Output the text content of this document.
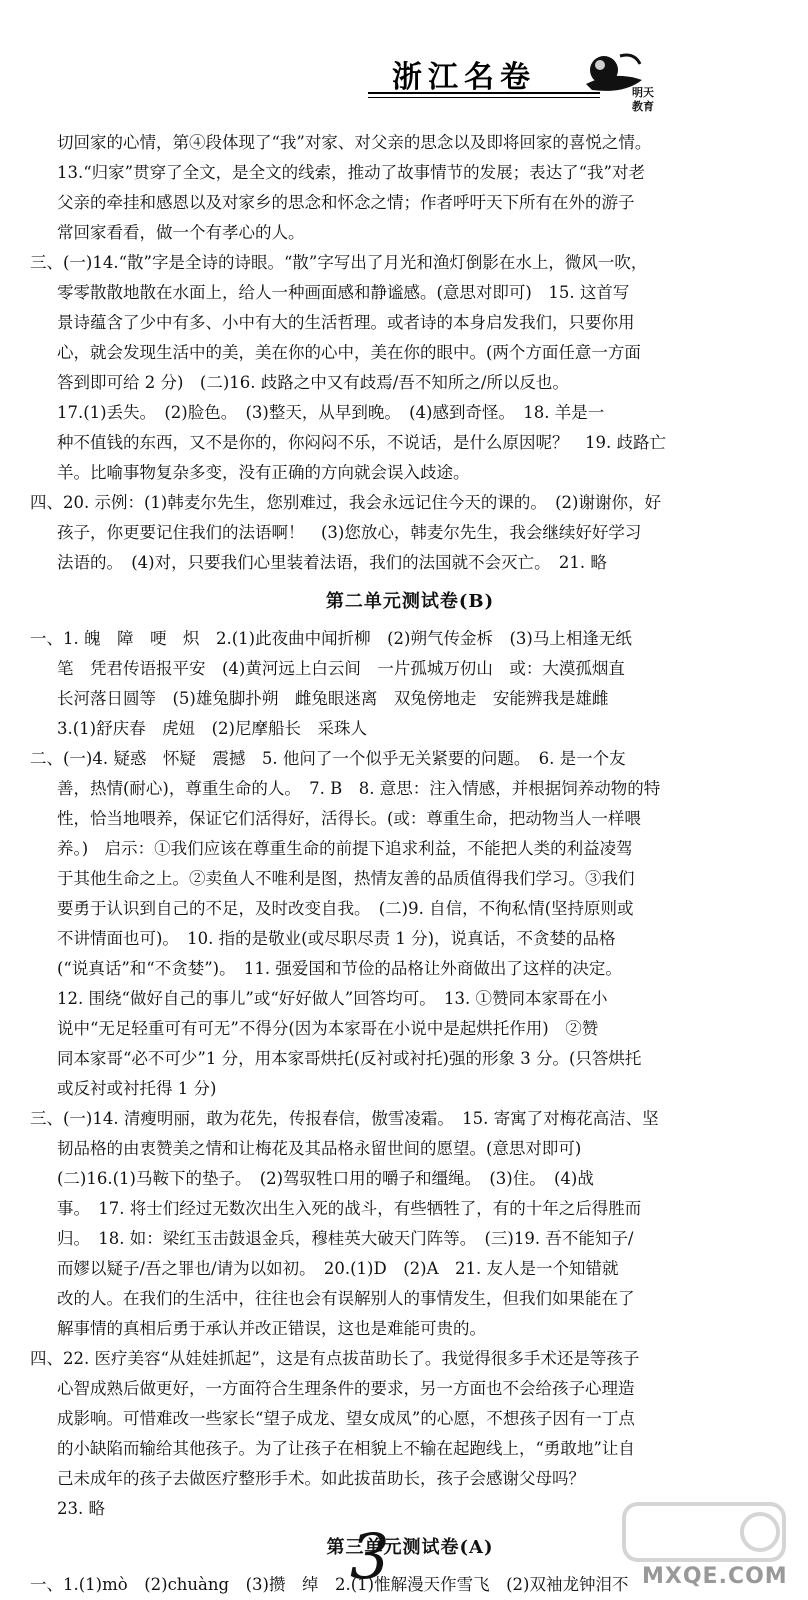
浙江名卷	明天
教育

切回家的心情，第④段体现了“我”对家、对父亲的思念以及即将回家的喜悦之情。

13.“归家”贯穿了全文，是全文的线索，推动了故事情节的发展；表达了“我”对老

父亲的牵挂和感恩以及对家乡的思念和怀念之情；作者呼吁天下所有在外的游子

常回家看看，做一个有孝心的人。

三、(一)14.“散”字是全诗的诗眼。“散”字写出了月光和渔灯倒影在水上，微风一吹，

零零散散地散在水面上，给人一种画面感和静谧感。(意思对即可)　15. 这首写

景诗蕴含了少中有多、小中有大的生活哲理。或者诗的本身启发我们，只要你用

心，就会发现生活中的美，美在你的心中，美在你的眼中。(两个方面任意一方面

答到即可给 2 分)　(二)16. 歧路之中又有歧焉/吾不知所之/所以反也。

17.(1)丢失。　(2)脸色。　(3)整天，从早到晚。　(4)感到奇怪。　18. 羊是一

种不值钱的东西，又不是你的，你闷闷不乐，不说话，是什么原因呢？　19. 歧路亡

羊。比喻事物复杂多变，没有正确的方向就会误入歧途。

四、20. 示例：(1)韩麦尔先生，您别难过，我会永远记住今天的课的。　(2)谢谢你，好

孩子，你更要记住我们的法语啊！　(3)您放心，韩麦尔先生，我会继续好好学习

法语的。　(4)对，只要我们心里装着法语，我们的法国就不会灭亡。　21. 略

第二单元测试卷(B)

一、1. 魄　障　哽　炽　2.(1)此夜曲中闻折柳　(2)朔气传金柝　(3)马上相逢无纸

笔　凭君传语报平安　(4)黄河远上白云间　一片孤城万仞山　或：大漠孤烟直

长河落日圆等　(5)雄兔脚扑朔　雌兔眼迷离　双兔傍地走　安能辨我是雄雌

3.(1)舒庆春　虎妞　(2)尼摩船长　采珠人

二、(一)4. 疑惑　怀疑　震撼　5. 他问了一个似乎无关紧要的问题。　6. 是一个友

善，热情(耐心)，尊重生命的人。　7. B　8. 意思：注入情感，并根据饲养动物的特

性，恰当地喂养，保证它们活得好，活得长。(或：尊重生命，把动物当人一样喂

养。)　启示：①我们应该在尊重生命的前提下追求利益，不能把人类的利益凌驾

于其他生命之上。②卖鱼人不唯利是图，热情友善的品质值得我们学习。③我们

要勇于认识到自己的不足，及时改变自我。　(二)9. 自信，不徇私情(坚持原则或

不讲情面也可)。　10. 指的是敬业(或尽职尽责 1 分)，说真话，不贪婪的品格

(“说真话”和“不贪婪”)。　11. 强爱国和节俭的品格让外商做出了这样的决定。

12. 围绕“做好自己的事儿”或“好好做人”回答均可。　13. ①赞同本家哥在小

说中“无足轻重可有可无”不得分(因为本家哥在小说中是起烘托作用)　②赞

同本家哥“必不可少”1 分，用本家哥烘托(反衬或衬托)强的形象 3 分。(只答烘托

或反衬或衬托得 1 分)

三、(一)14. 清瘦明丽，敢为花先，传报春信，傲雪凌霜。　15. 寄寓了对梅花高洁、坚

韧品格的由衷赞美之情和让梅花及其品格永留世间的愿望。(意思对即可)

(二)16.(1)马鞍下的垫子。　(2)驾驭牲口用的嚼子和缰绳。　(3)住。　(4)战

事。　17. 将士们经过无数次出生入死的战斗，有些牺牲了，有的十年之后得胜而

归。　18. 如：梁红玉击鼓退金兵，穆桂英大破天门阵等。　(三)19. 吾不能知子/

而嫪以疑子/吾之罪也/请为以如初。　20.(1)D　(2)A　21. 友人是一个知错就

改的人。在我们的生活中，往往也会有误解别人的事情发生，但我们如果能在了

解事情的真相后勇于承认并改正错误，这也是难能可贵的。

四、22. 医疗美容“从娃娃抓起”，这是有点拔苗助长了。我觉得很多手术还是等孩子

心智成熟后做更好，一方面符合生理条件的要求，另一方面也不会给孩子心理造

成影响。可惜难改一些家长“望子成龙、望女成凤”的心愿，不想孩子因有一丁点

的小缺陷而输给其他孩子。为了让孩子在相貌上不输在起跑线上，“勇敢地”让自

己未成年的孩子去做医疗整形手术。如此拔苗助长，孩子会感谢父母吗？

23. 略

第三单元测试卷(A)

一、1.(1)mò　(2)chuàng　(3)攒　绰　2.(1)惟解漫天作雪飞　(2)双袖龙钟泪不

3	MXQE.COM
